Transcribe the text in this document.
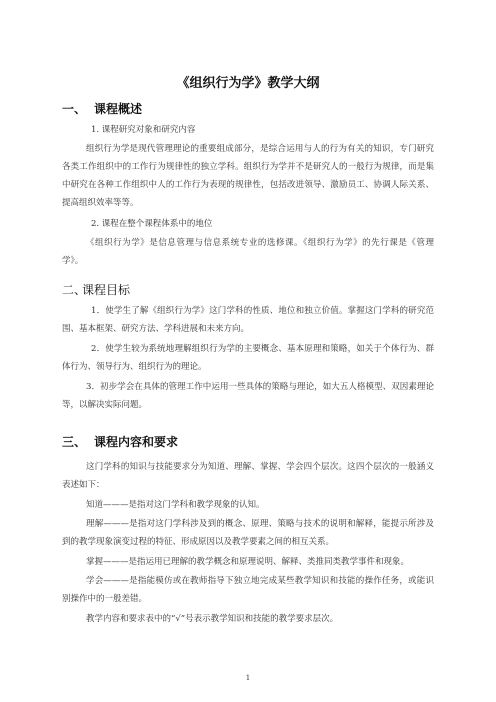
《组织行为学》教学大纲
一、 课程概述
1. 课程研究对象和研究内容
组织行为学是现代管理理论的重要组成部分，是综合运用与人的行为有关的知识，专门研究各类工作组织中的工作行为规律性的独立学科。组织行为学并不是研究人的一般行为规律，而是集中研究在各种工作组织中人的工作行为表现的规律性，包括改进领导、激励员工、协调人际关系、提高组织效率等等。
2. 课程在整个课程体系中的地位
《组织行为学》是信息管理与信息系统专业的选修课。《组织行为学》的先行课是《管理学》。
二、课程目标
1．使学生了解《组织行为学》这门学科的性质、地位和独立价值。掌握这门学科的研究范围、基本框架、研究方法、学科进展和未来方向。
2．使学生较为系统地理解组织行为学的主要概念、基本原理和策略，如关于个体行为、群体行为、领导行为、组织行为的理论。
3．初步学会在具体的管理工作中运用一些具体的策略与理论，如大五人格模型、双因素理论等，以解决实际问题。
三、 课程内容和要求
这门学科的知识与技能要求分为知道、理解、掌握、学会四个层次。这四个层次的一般涵义表述如下：
知道———是指对这门学科和教学现象的认知。
理解———是指对这门学科涉及到的概念、原理、策略与技术的说明和解释，能提示所涉及到的教学现象演变过程的特征、形成原因以及教学要素之间的相互关系。
掌握———是指运用已理解的教学概念和原理说明、解释、类推同类教学事件和现象。
学会———是指能模仿或在教师指导下独立地完成某些教学知识和技能的操作任务，或能识别操作中的一般差错。
教学内容和要求表中的“√”号表示教学知识和技能的教学要求层次。
1
